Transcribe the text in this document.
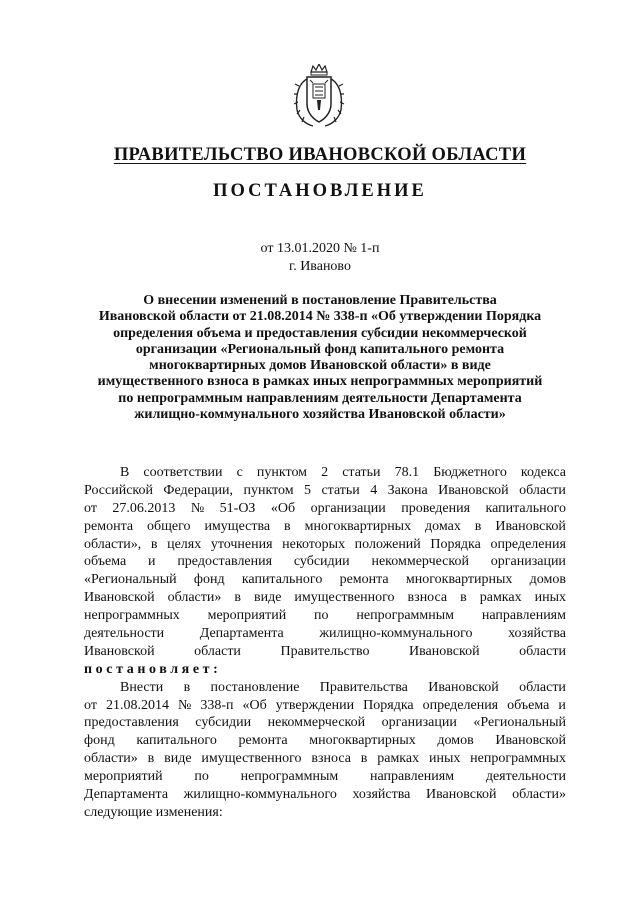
ПРАВИТЕЛЬСТВО ИВАНОВСКОЙ ОБЛАСТИ
ПОСТАНОВЛЕНИЕ
от 13.01.2020 № 1-п
г. Иваново
О внесении изменений в постановление Правительства
Ивановской области от 21.08.2014 № 338-п «Об утверждении Порядка
определения объема и предоставления субсидии некоммерческой
организации «Региональный фонд капитального ремонта
многоквартирных домов Ивановской области» в виде
имущественного взноса в рамках иных непрограммных мероприятий
по непрограммным направлениям деятельности Департамента
жилищно-коммунального хозяйства Ивановской области»
В соответствии с пунктом 2 статьи 78.1 Бюджетного кодекса
Российской Федерации, пунктом 5 статьи 4 Закона Ивановской области
от 27.06.2013 № 51-ОЗ «Об организации проведения капитального
ремонта общего имущества в многоквартирных домах в Ивановской
области», в целях уточнения некоторых положений Порядка определения
объема и предоставления субсидии некоммерческой организации
«Региональный фонд капитального ремонта многоквартирных домов
Ивановской области» в виде имущественного взноса в рамках иных
непрограммных мероприятий по непрограммным направлениям
деятельности	Департамента	жилищно-коммунального	хозяйства
Ивановской	области	Правительство	Ивановской	области
постановляет:
Внести в постановление Правительства Ивановской области
от 21.08.2014 № 338-п «Об утверждении Порядка определения объема и
предоставления субсидии некоммерческой организации «Региональный
фонд капитального ремонта многоквартирных домов Ивановской
области» в виде имущественного взноса в рамках иных непрограммных
мероприятий по непрограммным направлениям деятельности
Департамента жилищно-коммунального хозяйства Ивановской области»
следующие изменения:
